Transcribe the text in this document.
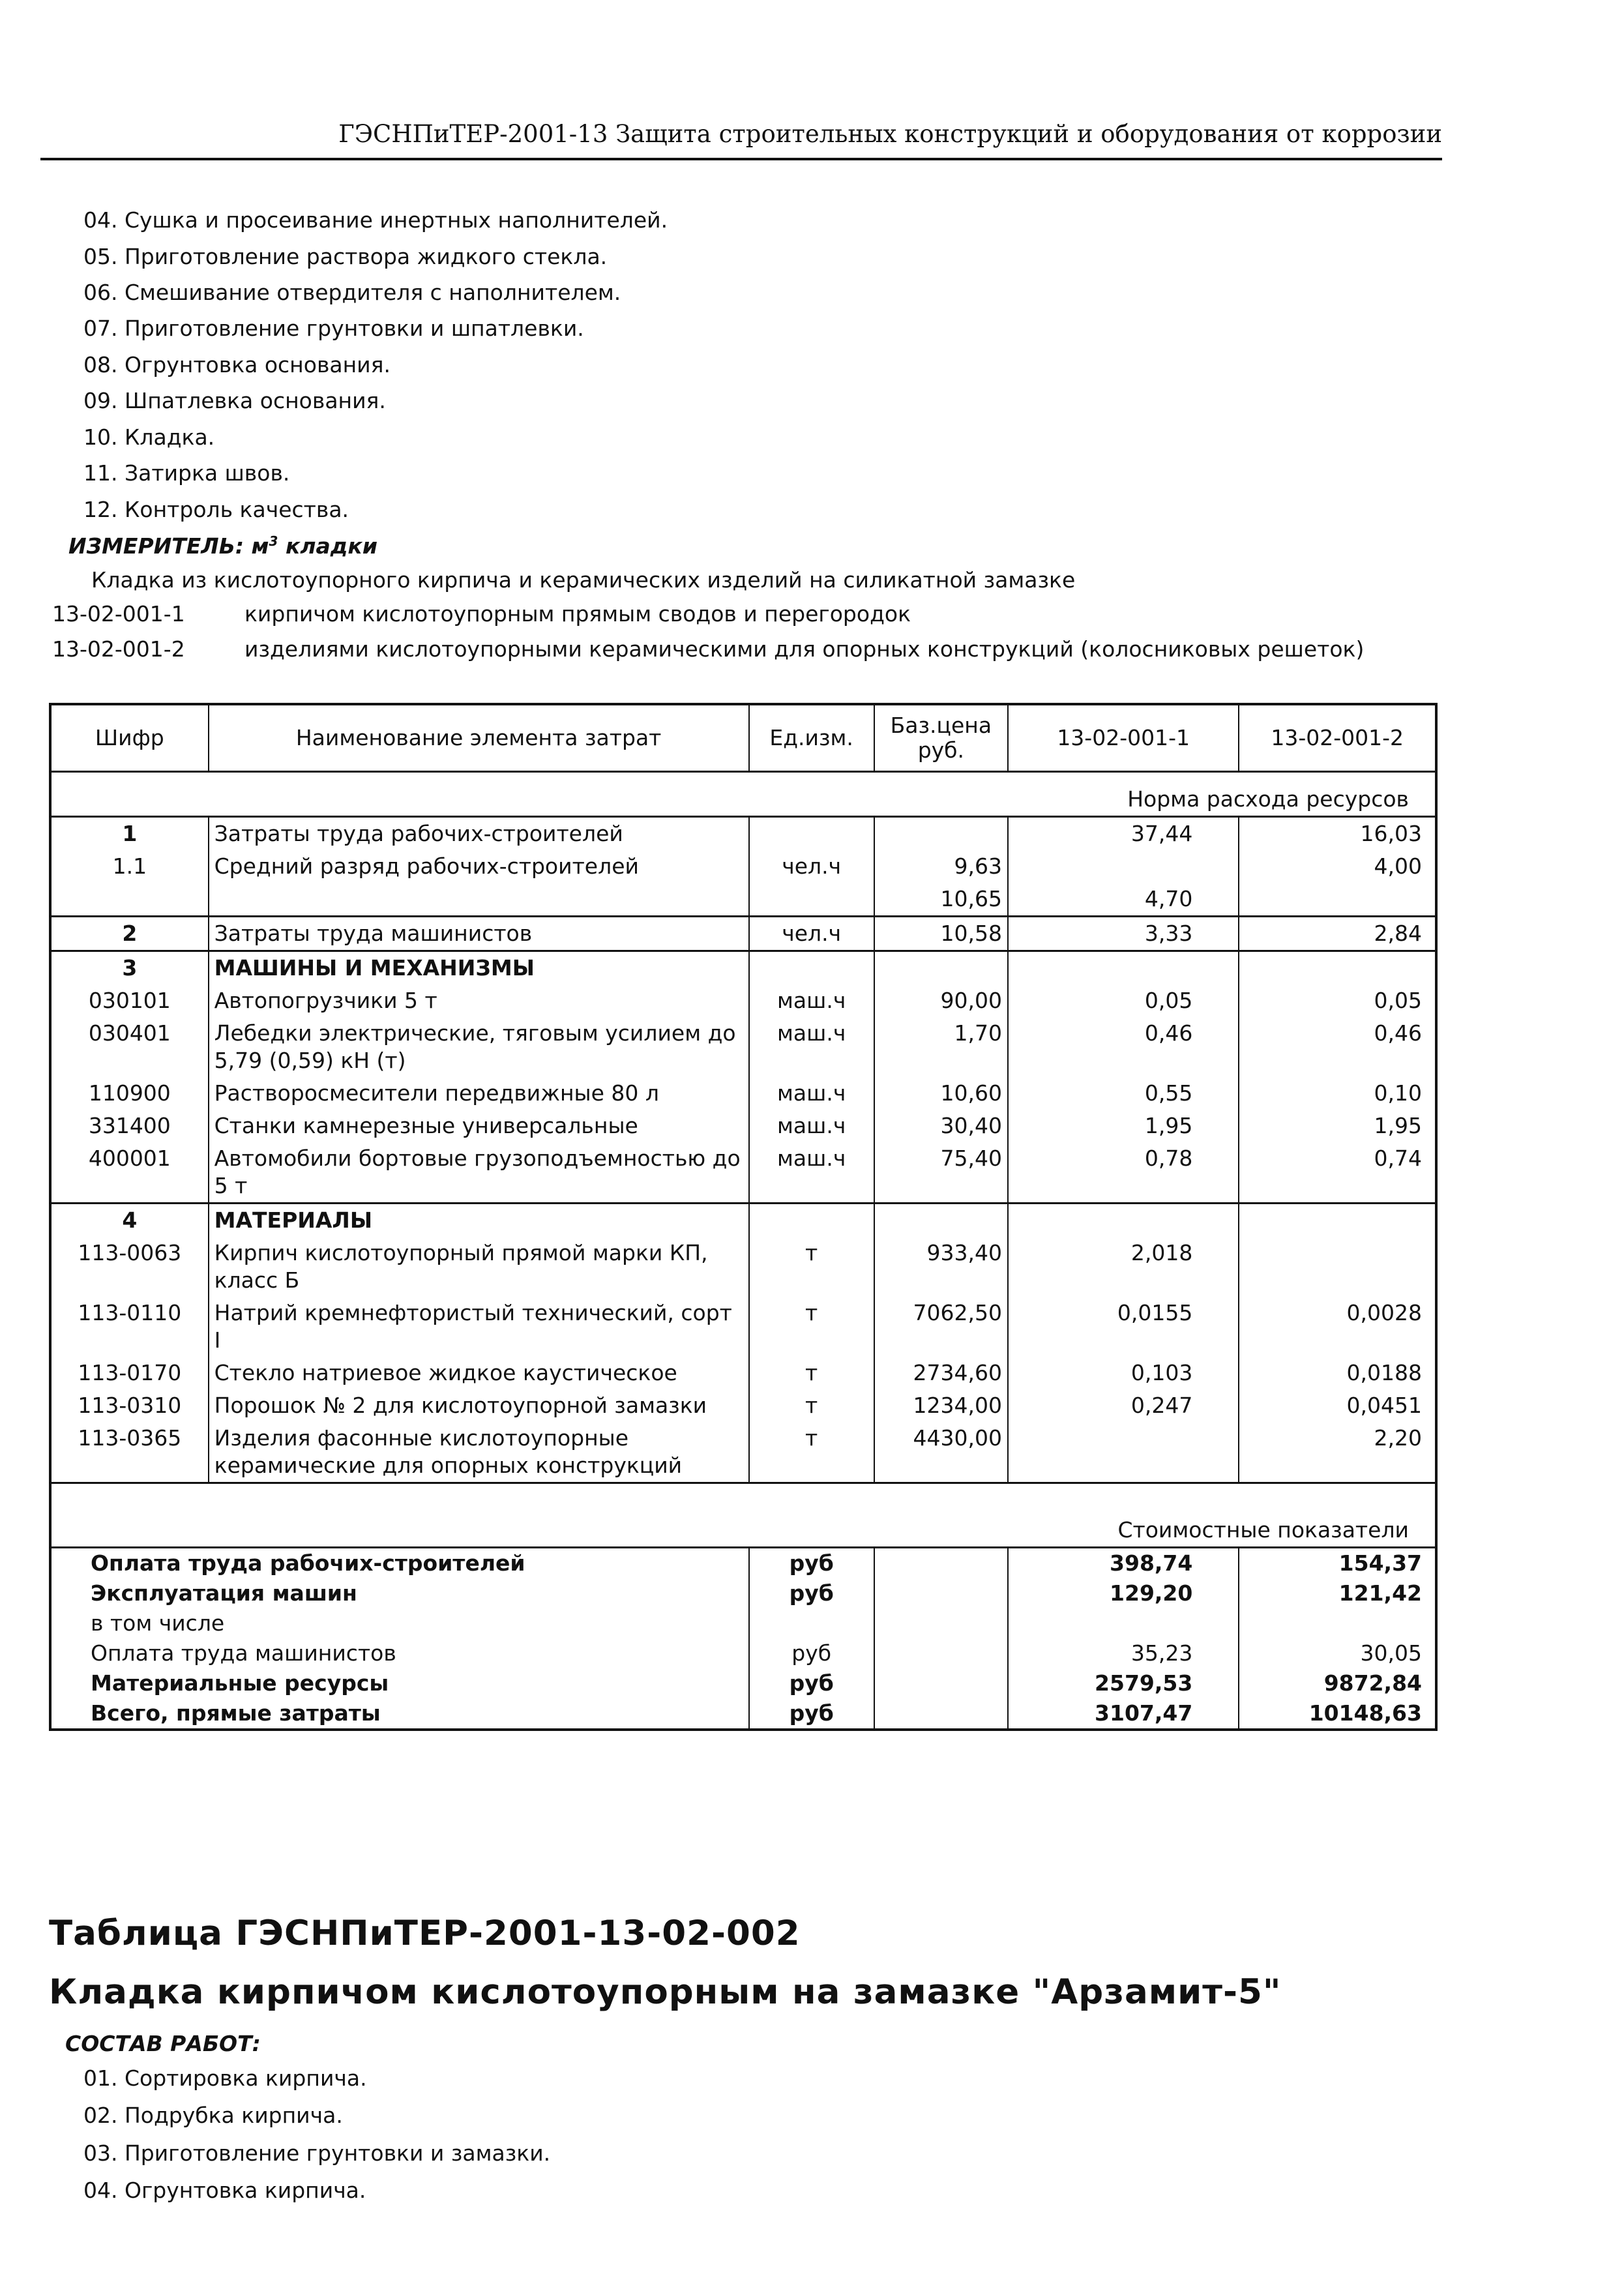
ГЭСНПиТЕР-2001-13 Защита строительных конструкций и оборудования от коррозии
04. Сушка и просеивание инертных наполнителей.
05. Приготовление раствора жидкого стекла.
06. Смешивание отвердителя с наполнителем.
07. Приготовление грунтовки и шпатлевки.
08. Огрунтовка основания.
09. Шпатлевка основания.
10. Кладка.
11. Затирка швов.
12. Контроль качества.
ИЗМЕРИТЕЛЬ: $м^3$ кладки
Кладка из кислотоупорного кирпича и керамических изделий на силикатной замазке
13-02-001-1	кирпичом кислотоупорным прямым сводов и перегородок
13-02-001-2	изделиями кислотоупорными керамическими для опорных конструкций (колосниковых решеток)
Шифр	Наименование элемента затрат	Ед.изм.	Баз.цена руб.	13-02-001-1	13-02-001-2
Норма расхода ресурсов					
1	Затраты труда рабочих-строителей			37,44	16,03
1.1	Средний разряд рабочих-строителей	чел.ч	9,63		4,00
			10,65	4,70	
2	Затраты труда машинистов	чел.ч	10,58	3,33	2,84
3	МАШИНЫ И МЕХАНИЗМЫ				
030101	Автопогрузчики 5 т	маш.ч	90,00	0,05	0,05
030401	Лебедки электрические, тяговым усилием до 5,79 (0,59) кН (т)	маш.ч	1,70	0,46	0,46
110900	Растворосмесители передвижные 80 л	маш.ч	10,60	0,55	0,10
331400	Станки камнерезные универсальные	маш.ч	30,40	1,95	1,95
400001	Автомобили бортовые грузоподъемностью до 5 т	маш.ч	75,40	0,78	0,74
4	МАТЕРИАЛЫ				
113-0063	Кирпич кислотоупорный прямой марки КП, класс Б	т	933,40	2,018	
113-0110	Натрий кремнефтористый технический, сорт I	т	7062,50	0,0155	0,0028
113-0170	Стекло натриевое жидкое каустическое	т	2734,60	0,103	0,0188
113-0310	Порошок № 2 для кислотоупорной замазки	т	1234,00	0,247	0,0451
113-0365	Изделия фасонные кислотоупорные керамические для опорных конструкций	т	4430,00		2,20
Стоимостные показатели					
Оплата труда рабочих-строителей		руб		398,74	154,37
Эксплуатация машин		руб		129,20	121,42
в том числе					
Оплата труда машинистов		руб		35,23	30,05
Материальные ресурсы		руб		2579,53	9872,84
Всего, прямые затраты		руб		3107,47	10148,63
Таблица ГЭСНПиТЕР-2001-13-02-002
Кладка кирпичом кислотоупорным на замазке "Арзамит-5"
СОСТАВ РАБОТ:
01. Сортировка кирпича.
02. Подрубка кирпича.
03. Приготовление грунтовки и замазки.
04. Огрунтовка кирпича.
